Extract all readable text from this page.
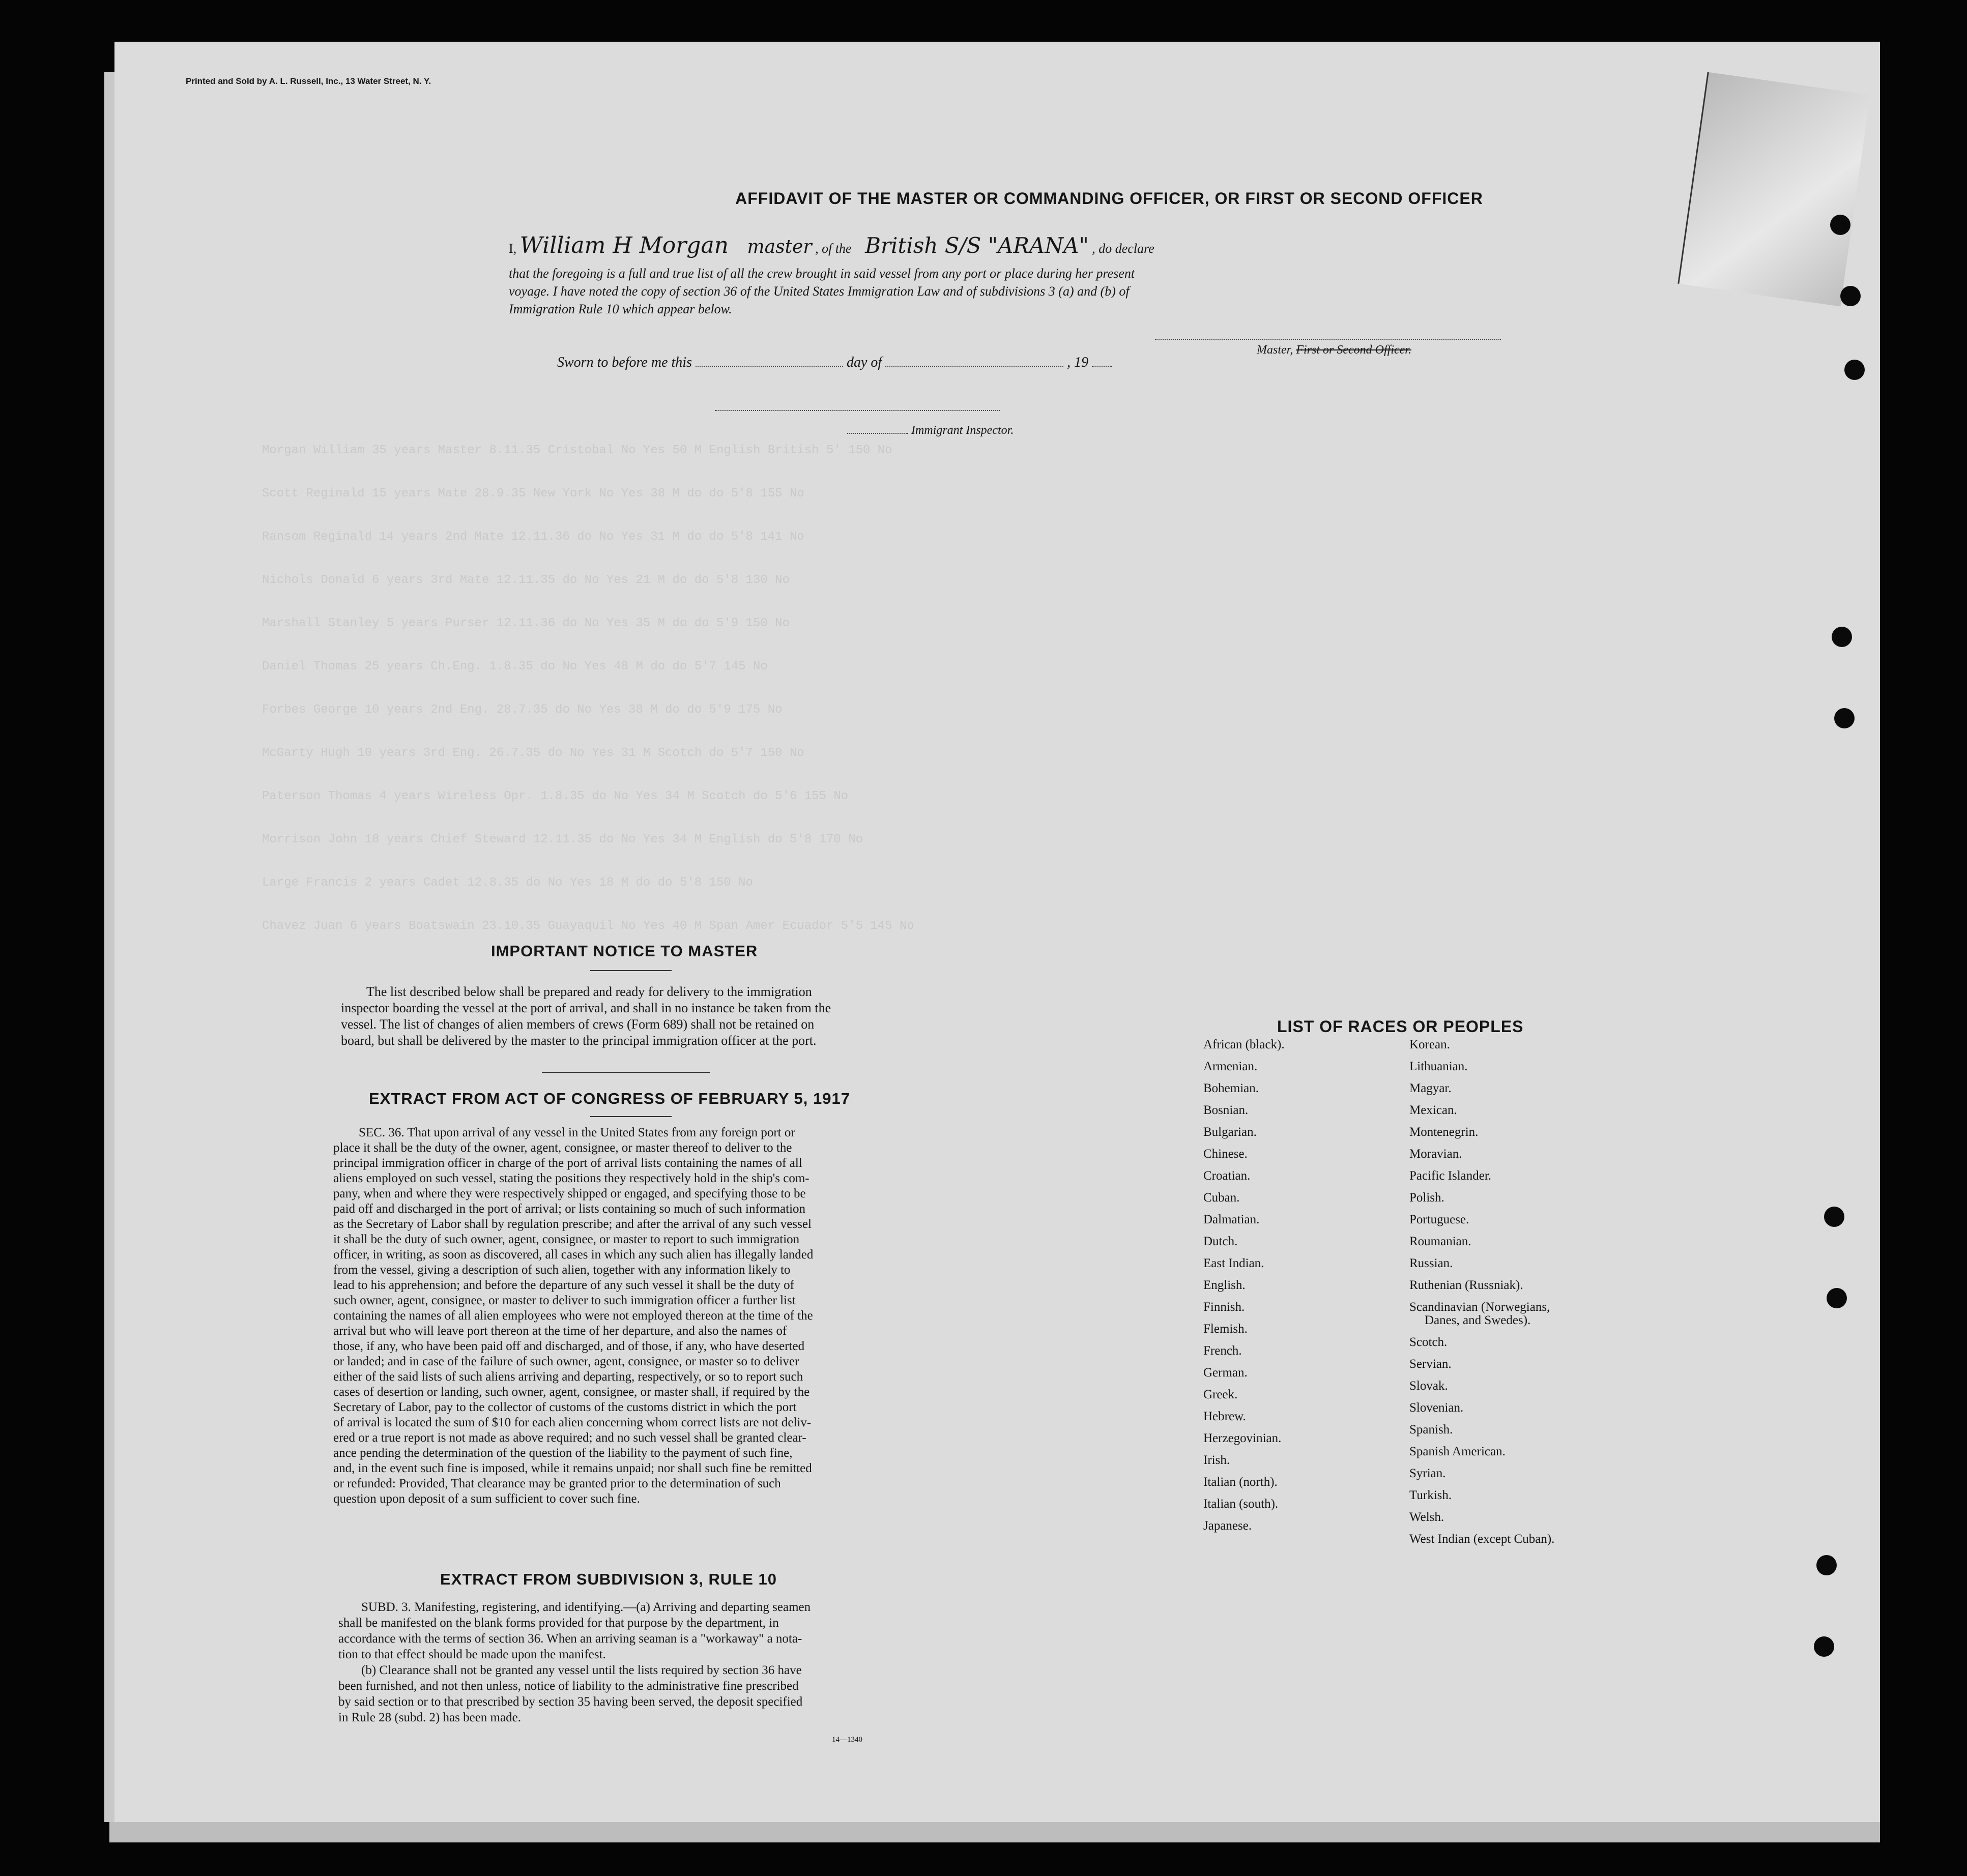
Printed and Sold by A. L. Russell, Inc., 13 Water Street, N. Y.
Morgan William 35 years Master 8.11.35 Cristobal No Yes 50 M English British 5' 150 No
Scott Reginald 15 years Mate 28.9.35 New York No Yes 38 M do do 5'8 155 No
Ransom Reginald 14 years 2nd Mate 12.11.36 do No Yes 31 M do do 5'8 141 No
Nichols Donald 6 years 3rd Mate 12.11.35 do No Yes 21 M do do 5'8 130 No
Marshall Stanley 5 years Purser 12.11.36 do No Yes 35 M do do 5'9 150 No
Daniel Thomas 25 years Ch.Eng. 1.8.35 do No Yes 48 M do do 5'7 145 No
Forbes George 10 years 2nd Eng. 28.7.35 do No Yes 38 M do do 5'9 175 No
McGarty Hugh 10 years 3rd Eng. 26.7.35 do No Yes 31 M Scotch do 5'7 150 No
Paterson Thomas 4 years Wireless Opr. 1.8.35 do No Yes 34 M Scotch do 5'6 155 No
Morrison John 18 years Chief Steward 12.11.35 do No Yes 34 M English do 5'8 170 No
Large Francis 2 years Cadet 12.8.35 do No Yes 18 M do do 5'8 150 No
Chavez Juan 6 years Boatswain 23.10.35 Guayaquil No Yes 40 M Span Amer Ecuador 5'5 145 No
AFFIDAVIT OF THE MASTER OR COMMANDING OFFICER, OR FIRST OR SECOND OFFICER
I, William H Morgan master , of the British S/S "ARANA" , do declare
that the foregoing is a full and true list of all the crew brought in said vessel from any port or place during her present
voyage. I have noted the copy of section 36 of the United States Immigration Law and of subdivisions 3 (a) and (b) of
Immigration Rule 10 which appear below.
Master, First or Second Officer.
Sworn to before me this	day of	, 19
Immigrant Inspector.
IMPORTANT NOTICE TO MASTER
The list described below shall be prepared and ready for delivery to the immigration
inspector boarding the vessel at the port of arrival, and shall in no instance be taken from the
vessel. The list of changes of alien members of crews (Form 689) shall not be retained on
board, but shall be delivered by the master to the principal immigration officer at the port.
EXTRACT FROM ACT OF CONGRESS OF FEBRUARY 5, 1917
SEC. 36. That upon arrival of any vessel in the United States from any foreign port or
place it shall be the duty of the owner, agent, consignee, or master thereof to deliver to the
principal immigration officer in charge of the port of arrival lists containing the names of all
aliens employed on such vessel, stating the positions they respectively hold in the ship's com-
pany, when and where they were respectively shipped or engaged, and specifying those to be
paid off and discharged in the port of arrival; or lists containing so much of such information
as the Secretary of Labor shall by regulation prescribe; and after the arrival of any such vessel
it shall be the duty of such owner, agent, consignee, or master to report to such immigration
officer, in writing, as soon as discovered, all cases in which any such alien has illegally landed
from the vessel, giving a description of such alien, together with any information likely to
lead to his apprehension; and before the departure of any such vessel it shall be the duty of
such owner, agent, consignee, or master to deliver to such immigration officer a further list
containing the names of all alien employees who were not employed thereon at the time of the
arrival but who will leave port thereon at the time of her departure, and also the names of
those, if any, who have been paid off and discharged, and of those, if any, who have deserted
or landed; and in case of the failure of such owner, agent, consignee, or master so to deliver
either of the said lists of such aliens arriving and departing, respectively, or so to report such
cases of desertion or landing, such owner, agent, consignee, or master shall, if required by the
Secretary of Labor, pay to the collector of customs of the customs district in which the port
of arrival is located the sum of $10 for each alien concerning whom correct lists are not deliv-
ered or a true report is not made as above required; and no such vessel shall be granted clear-
ance pending the determination of the question of the liability to the payment of such fine,
and, in the event such fine is imposed, while it remains unpaid; nor shall such fine be remitted
or refunded: Provided, That clearance may be granted prior to the determination of such
question upon deposit of a sum sufficient to cover such fine.
EXTRACT FROM SUBDIVISION 3, RULE 10
SUBD. 3. Manifesting, registering, and identifying.—(a) Arriving and departing seamen
shall be manifested on the blank forms provided for that purpose by the department, in
accordance with the terms of section 36. When an arriving seaman is a "workaway" a nota-
tion to that effect should be made upon the manifest.
(b) Clearance shall not be granted any vessel until the lists required by section 36 have
been furnished, and not then unless, notice of liability to the administrative fine prescribed
by said section or to that prescribed by section 35 having been served, the deposit specified
in Rule 28 (subd. 2) has been made.
14—1340
LIST OF RACES OR PEOPLES
African (black).
Armenian.
Bohemian.
Bosnian.
Bulgarian.
Chinese.
Croatian.
Cuban.
Dalmatian.
Dutch.
East Indian.
English.
Finnish.
Flemish.
French.
German.
Greek.
Hebrew.
Herzegovinian.
Irish.
Italian (north).
Italian (south).
Japanese.
Korean.
Lithuanian.
Magyar.
Mexican.
Montenegrin.
Moravian.
Pacific Islander.
Polish.
Portuguese.
Roumanian.
Russian.
Ruthenian (Russniak).
Scandinavian (Norwegians,
Danes, and Swedes).
Scotch.
Servian.
Slovak.
Slovenian.
Spanish.
Spanish American.
Syrian.
Turkish.
Welsh.
West Indian (except Cuban).
